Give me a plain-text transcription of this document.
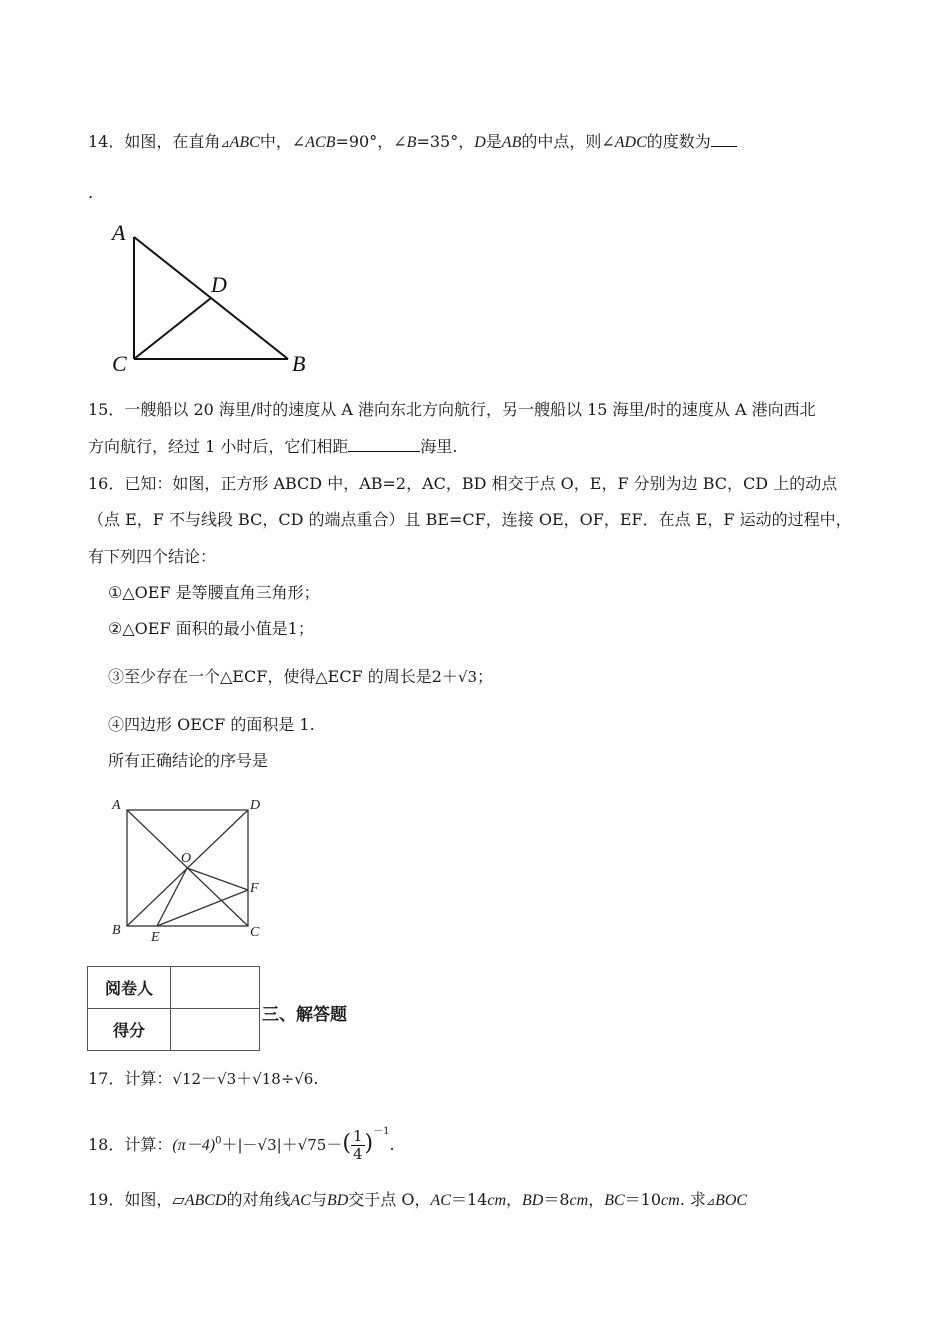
14．如图，在直角⊿ABC中，∠ACB=90°，∠B=35°，D是AB的中点，则∠ADC的度数为
.
A
D
C	B
15．一艘船以 20 海里/时的速度从 A 港向东北方向航行，另一艘船以 15 海里/时的速度从 A 港向西北
方向航行，经过 1 小时后，它们相距	海里.
16．已知：如图，正方形 ABCD 中，AB=2，AC，BD 相交于点 O，E，F 分别为边 BC，CD 上的动点
（点 E，F 不与线段 BC，CD 的端点重合）且 BE=CF，连接 OE，OF，EF．在点 E，F 运动的过程中，
有下列四个结论：
①△OEF 是等腰直角三角形；
②△OEF 面积的最小值是1；
③至少存在一个△ECF，使得△ECF 的周长是2＋√3；
④四边形 OECF 的面积是 1.
所有正确结论的序号是
A	D
O
F
B E	C
阅卷人	
得分	
三、解答题
17．计算：√12－√3＋√18÷√6.
18．计算：$(\pi-4)^0+|-√3|+√75-( \frac{1}{4} )^{-1}$.
19．如图，▱ABCD的对角线AC与BD交于点 O，AC＝14cm，BD＝8cm，BC＝10cm. 求⊿BOC
